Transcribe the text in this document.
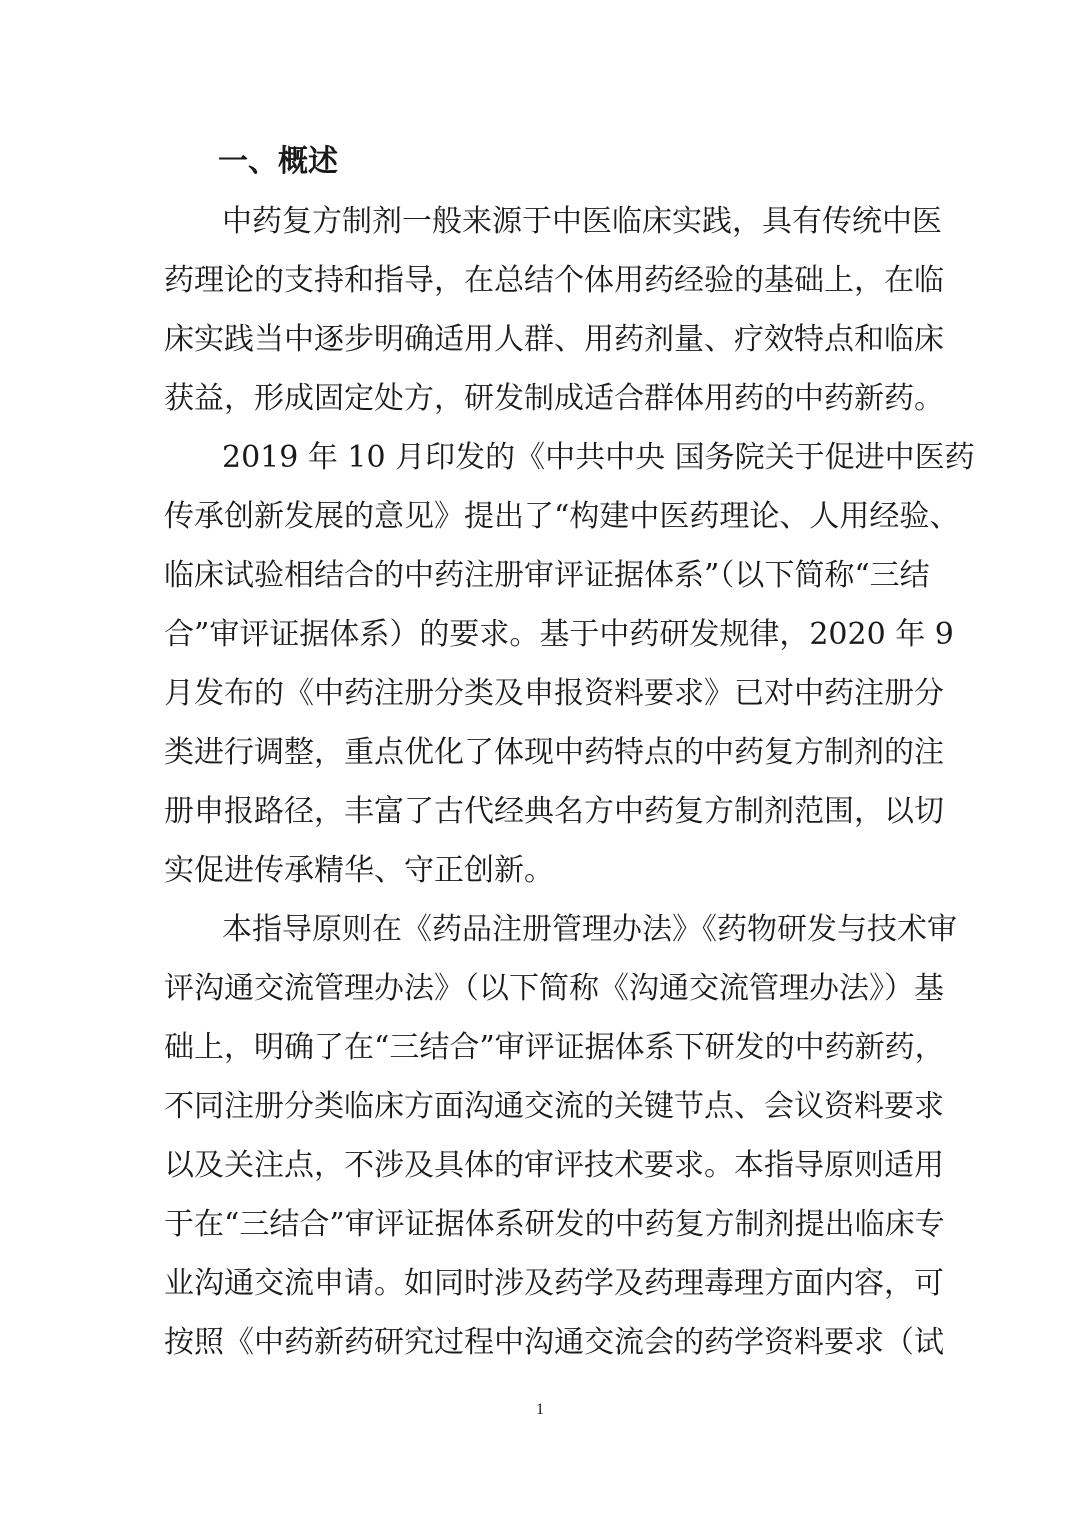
一、概述

中药复方制剂一般来源于中医临床实践，具有传统中医

药理论的支持和指导，在总结个体用药经验的基础上，在临

床实践当中逐步明确适用人群、用药剂量、疗效特点和临床

获益，形成固定处方，研发制成适合群体用药的中药新药。

2019 年 10 月印发的《中共中央 国务院关于促进中医药

传承创新发展的意见》提出了“构建中医药理论、人用经验、

临床试验相结合的中药注册审评证据体系”（以下简称“三结

合”审评证据体系）的要求。基于中药研发规律，2020 年 9

月发布的《中药注册分类及申报资料要求》已对中药注册分

类进行调整，重点优化了体现中药特点的中药复方制剂的注

册申报路径，丰富了古代经典名方中药复方制剂范围，以切

实促进传承精华、守正创新。

本指导原则在《药品注册管理办法》《药物研发与技术审

评沟通交流管理办法》（以下简称《沟通交流管理办法》）基

础上，明确了在“三结合”审评证据体系下研发的中药新药，

不同注册分类临床方面沟通交流的关键节点、会议资料要求

以及关注点，不涉及具体的审评技术要求。本指导原则适用

于在“三结合”审评证据体系研发的中药复方制剂提出临床专

业沟通交流申请。如同时涉及药学及药理毒理方面内容，可

按照《中药新药研究过程中沟通交流会的药学资料要求（试

1
